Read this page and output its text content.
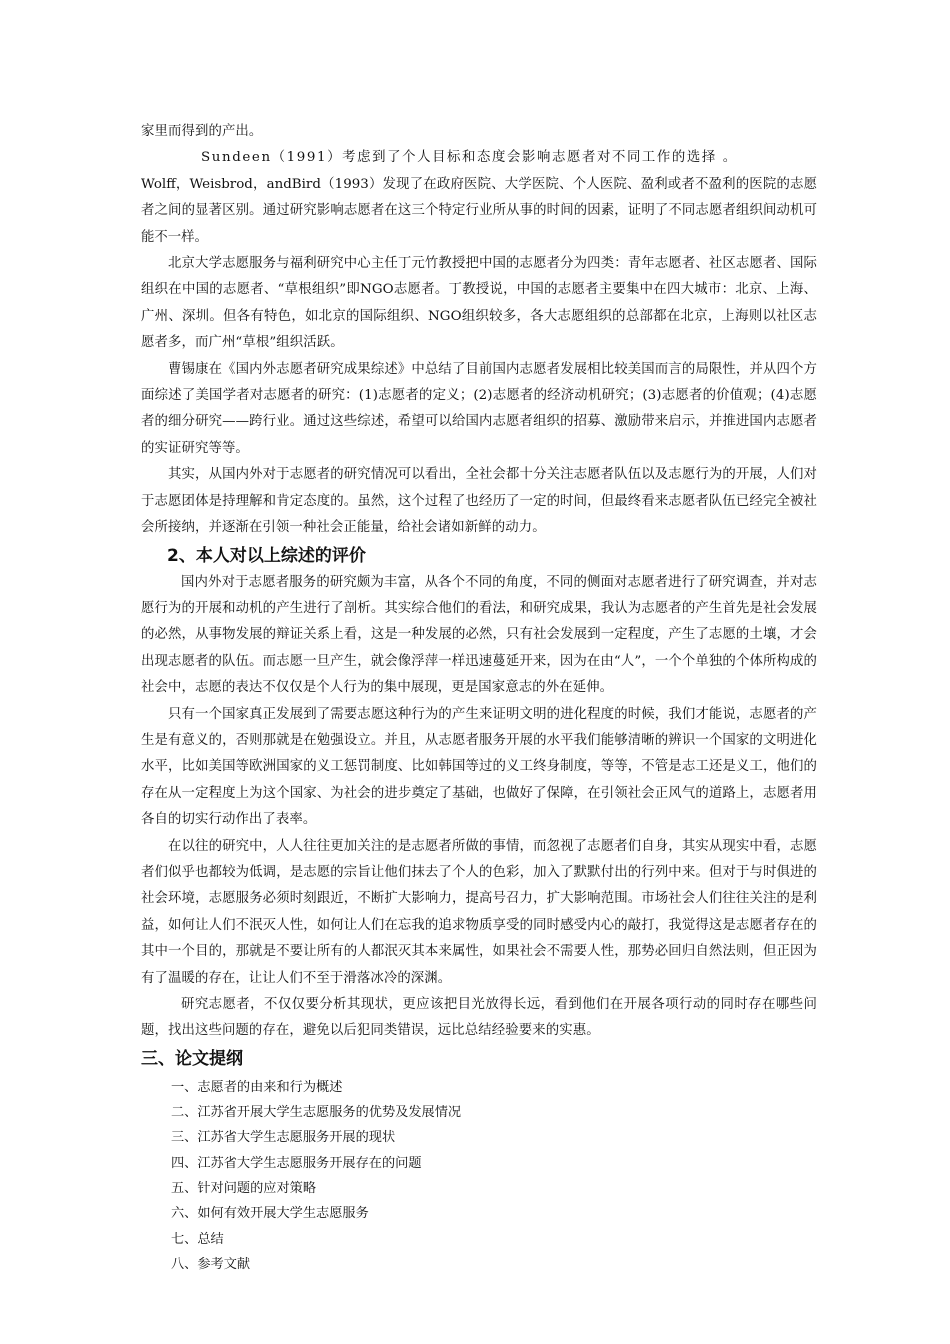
家里而得到的产出。

Sundeen（1991）考虑到了个人目标和态度会影响志愿者对不同工作的选择 。

Wolff，Weisbrod，andBird（1993）发现了在政府医院、大学医院、个人医院、盈利或者不盈利的医院的志愿者之间的显著区别。通过研究影响志愿者在这三个特定行业所从事的时间的因素，证明了不同志愿者组织间动机可能不一样。

北京大学志愿服务与福利研究中心主任丁元竹教授把中国的志愿者分为四类：青年志愿者、社区志愿者、国际组织在中国的志愿者、“草根组织”即NGO志愿者。丁教授说，中国的志愿者主要集中在四大城市：北京、上海、广州、深圳。但各有特色，如北京的国际组织、NGO组织较多，各大志愿组织的总部都在北京，上海则以社区志愿者多，而广州“草根”组织活跃。

曹锡康在《国内外志愿者研究成果综述》中总结了目前国内志愿者发展相比较美国而言的局限性，并从四个方面综述了美国学者对志愿者的研究：(1)志愿者的定义；(2)志愿者的经济动机研究；(3)志愿者的价值观；(4)志愿者的细分研究——跨行业。通过这些综述，希望可以给国内志愿者组织的招募、激励带来启示，并推进国内志愿者的实证研究等等。

其实，从国内外对于志愿者的研究情况可以看出，全社会都十分关注志愿者队伍以及志愿行为的开展，人们对于志愿团体是持理解和肯定态度的。虽然，这个过程了也经历了一定的时间，但最终看来志愿者队伍已经完全被社会所接纳，并逐渐在引领一种社会正能量，给社会诸如新鲜的动力。

2、本人对以上综述的评价

国内外对于志愿者服务的研究颇为丰富，从各个不同的角度，不同的侧面对志愿者进行了研究调查，并对志愿行为的开展和动机的产生进行了剖析。其实综合他们的看法，和研究成果，我认为志愿者的产生首先是社会发展的必然，从事物发展的辩证关系上看，这是一种发展的必然，只有社会发展到一定程度，产生了志愿的土壤，才会出现志愿者的队伍。而志愿一旦产生，就会像浮萍一样迅速蔓延开来，因为在由“人”，一个个单独的个体所构成的社会中，志愿的表达不仅仅是个人行为的集中展现，更是国家意志的外在延伸。

只有一个国家真正发展到了需要志愿这种行为的产生来证明文明的进化程度的时候，我们才能说，志愿者的产生是有意义的，否则那就是在勉强设立。并且，从志愿者服务开展的水平我们能够清晰的辨识一个国家的文明进化水平，比如美国等欧洲国家的义工惩罚制度、比如韩国等过的义工终身制度，等等，不管是志工还是义工，他们的存在从一定程度上为这个国家、为社会的进步奠定了基础，也做好了保障，在引领社会正风气的道路上，志愿者用各自的切实行动作出了表率。

在以往的研究中，人人往往更加关注的是志愿者所做的事情，而忽视了志愿者们自身，其实从现实中看，志愿者们似乎也都较为低调，是志愿的宗旨让他们抹去了个人的色彩，加入了默默付出的行列中来。但对于与时俱进的社会环境，志愿服务必须时刻跟近，不断扩大影响力，提高号召力，扩大影响范围。市场社会人们往往关注的是利益，如何让人们不泯灭人性，如何让人们在忘我的追求物质享受的同时感受内心的敲打，我觉得这是志愿者存在的其中一个目的，那就是不要让所有的人都泯灭其本来属性，如果社会不需要人性，那势必回归自然法则，但正因为有了温暖的存在，让让人们不至于滑落冰冷的深渊。

研究志愿者，不仅仅要分析其现状，更应该把目光放得长远，看到他们在开展各项行动的同时存在哪些问题，找出这些问题的存在，避免以后犯同类错误，远比总结经验要来的实惠。

三、论文提纲
一、志愿者的由来和行为概述
二、江苏省开展大学生志愿服务的优势及发展情况
三、江苏省大学生志愿服务开展的现状
四、江苏省大学生志愿服务开展存在的问题
五、针对问题的应对策略
六、如何有效开展大学生志愿服务
七、总结
八、参考文献
